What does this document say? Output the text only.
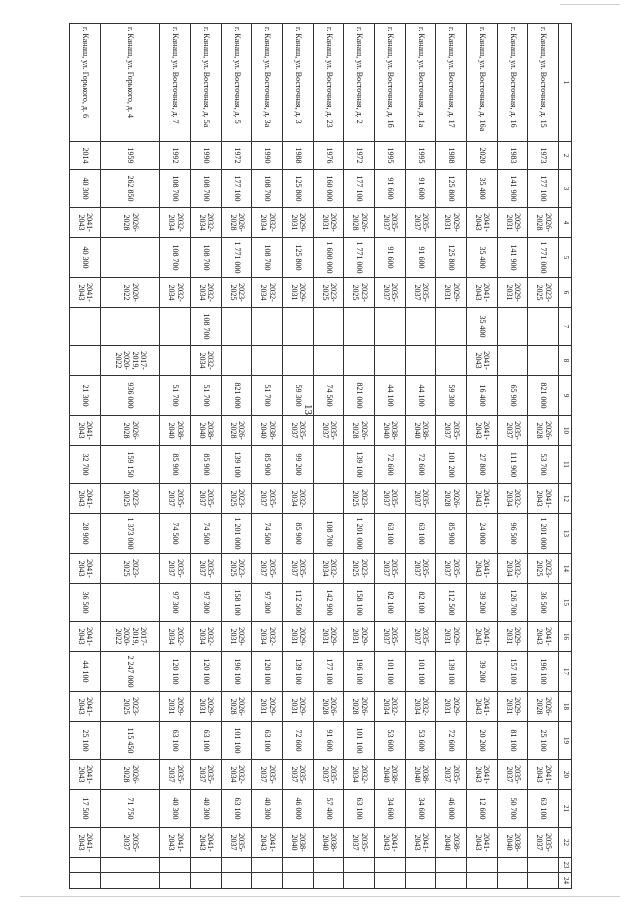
13
1	2	3	4	5	6	7	8	9	10	11	12	13	14	15	16	17	18	19	20	21	22	23	24
г. Канаш, ул. Восточная, д. 15	1973	177 100	2026-2028	1 771 000	2023-2025			821 000	2026-2028	53 700	2041-2043	1 201 000	2023-2025	36 500	2041-2043	196 100	2026-2028	25 100	2041-2043	63 100	2035-2037		
г. Канаш, ул. Восточная, д. 16	1983	141 900	2029-2031	141 900	2029-2031			65 900	2035-2037	111 900	2032-2034	96 500	2032-2034	126 700	2029-2031	157 100	2029-2031	81 100	2035-2037	50 700	2038-2040		
г. Канаш, ул. Восточная, д. 16а	2020	35 400	2041-2043	35 400	2041-2043	35 400	2041-2043	16 400	2041-2043	27 800	2041-2043	24 000	2041-2043	39 200	2041-2043	39 200	2041-2043	20 200	2041-2043	12 600	2041-2043		
г. Канаш, ул. Восточная, д. 17	1988	125 800	2029-2031	125 800	2029-2031			59 300	2035-2037	101 200	2026-2028	85 900	2035-2037	112 500	2029-2031	139 100	2029-2031	72 600	2035-2037	46 000	2038-2040		
г. Канаш, ул. Восточная, д. 1а	1995	91 600	2035-2037	91 600	2035-2037			44 100	2038-2040	72 600	2035-2037	63 100	2035-2037	82 100	2035-2037	101 100	2032-2034	53 600	2038-2040	34 600	2041-2043		
г. Канаш, ул. Восточная, д. 1б	1995	91 600	2035-2037	91 600	2035-2037			44 100	2038-2040	72 600	2035-2037	63 100	2035-2037	82 100	2035-2037	101 100	2032-2034	53 600	2038-2040	34 600	2041-2043		
г. Канаш, ул. Восточная, д. 2	1972	177 100	2026-2028	1 771 000	2023-2025			821 000	2026-2028	139 100	2023-2025	1 201 000	2023-2025	158 100	2029-2031	196 100	2026-2028	101 100	2032-2034	63 100	2035-2037		
г. Канаш, ул. Восточная, д. 23	1976	160 000	2029-2031	1 600 000	2023-2025			74 500	2035-2037			108 700	2032-2034	142 900	2029-2031	177 100	2026-2028	91 600	2035-2037	57 400	2038-2040		
г. Канаш, ул. Восточная, д. 3	1988	125 800	2029-2031	125 800	2029-2031			59 300	2035-2037	99 200	2032-2034	85 900	2035-2037	112 500	2029-2031	139 100	2029-2031	72 600	2035-2037	46 000	2038-2040		
г. Канаш, ул. Восточная, д. 3а	1990	108 700	2032-2034	108 700	2032-2034			51 700	2038-2040	85 900	2035-2037	74 500	2035-2037	97 300	2032-2034	120 100	2029-2031	63 100	2035-2037	40 300	2041-2043		
г. Канаш, ул. Восточная, д. 5	1972	177 100	2026-2028	1 771 000	2023-2025			821 000	2026-2028	139 100	2023-2025	1 201 000	2023-2025	158 100	2029-2031	196 100	2026-2028	101 100	2032-2034	63 100	2035-2037		
г. Канаш, ул. Восточная, д. 5а	1990	108 700	2032-2034	108 700	2032-2034	108 700	2032-2034	51 700	2038-2040	85 900	2035-2037	74 500	2035-2037	97 300	2032-2034	120 100	2029-2031	63 100	2035-2037	40 300	2041-2043		
г. Канаш, ул. Восточная, д. 7	1992	108 700	2032-2034	108 700	2032-2034			51 700	2038-2040	85 900	2035-2037	74 500	2035-2037	97 300	2032-2034	120 100	2029-2031	63 100	2035-2037	40 300	2041-2043		
г. Канаш, ул. Горького, д. 4	1959	262 850	2026-2028		2020-2022		2017-2019, 2020-2022	936 000	2026-2028	159 150	2023-2025	1 373 000	2023-2025		2017-2019, 2020-2022	2 247 000	2023-2025	115 450	2026-2028	71 750	2035-2037		
г. Канаш, ул. Горького, д. 6	2014	40 300	2041-2043	40 300	2041-2043			21 300	2041-2043	32 700	2041-2043	28 900	2041-2043	36 500	2041-2043	44 100	2041-2043	25 100	2041-2043	17 500	2041-2043		
